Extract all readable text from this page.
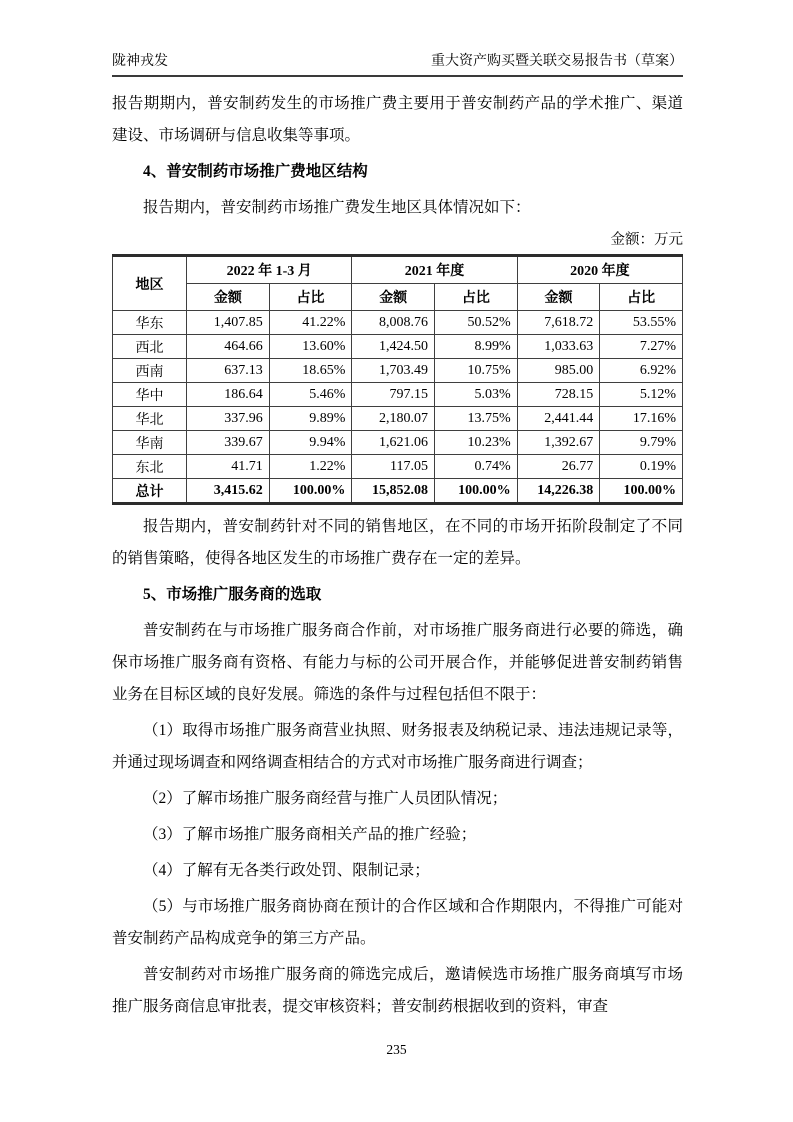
陇神戎发	重大资产购买暨关联交易报告书（草案）

报告期期内，普安制药发生的市场推广费主要用于普安制药产品的学术推广、渠道建设、市场调研与信息收集等事项。

4、普安制药市场推广费地区结构

报告期内，普安制药市场推广费发生地区具体情况如下：

金额：万元
地区	2022 年 1-3 月		2021 年度		2020 年度	
	金额	占比	金额	占比	金额	占比
华东	1,407.85	41.22%	8,008.76	50.52%	7,618.72	53.55%
西北	464.66	13.60%	1,424.50	8.99%	1,033.63	7.27%
西南	637.13	18.65%	1,703.49	10.75%	985.00	6.92%
华中	186.64	5.46%	797.15	5.03%	728.15	5.12%
华北	337.96	9.89%	2,180.07	13.75%	2,441.44	17.16%
华南	339.67	9.94%	1,621.06	10.23%	1,392.67	9.79%
东北	41.71	1.22%	117.05	0.74%	26.77	0.19%
总计	3,415.62	100.00%	15,852.08	100.00%	14,226.38	100.00%

报告期内，普安制药针对不同的销售地区，在不同的市场开拓阶段制定了不同的销售策略，使得各地区发生的市场推广费存在一定的差异。

5、市场推广服务商的选取

普安制药在与市场推广服务商合作前，对市场推广服务商进行必要的筛选，确保市场推广服务商有资格、有能力与标的公司开展合作，并能够促进普安制药销售业务在目标区域的良好发展。筛选的条件与过程包括但不限于：

（1）取得市场推广服务商营业执照、财务报表及纳税记录、违法违规记录等，并通过现场调查和网络调查相结合的方式对市场推广服务商进行调查；

（2）了解市场推广服务商经营与推广人员团队情况；

（3）了解市场推广服务商相关产品的推广经验；

（4）了解有无各类行政处罚、限制记录；

（5）与市场推广服务商协商在预计的合作区域和合作期限内，不得推广可能对普安制药产品构成竞争的第三方产品。

普安制药对市场推广服务商的筛选完成后，邀请候选市场推广服务商填写市场推广服务商信息审批表，提交审核资料；普安制药根据收到的资料，审查

235
